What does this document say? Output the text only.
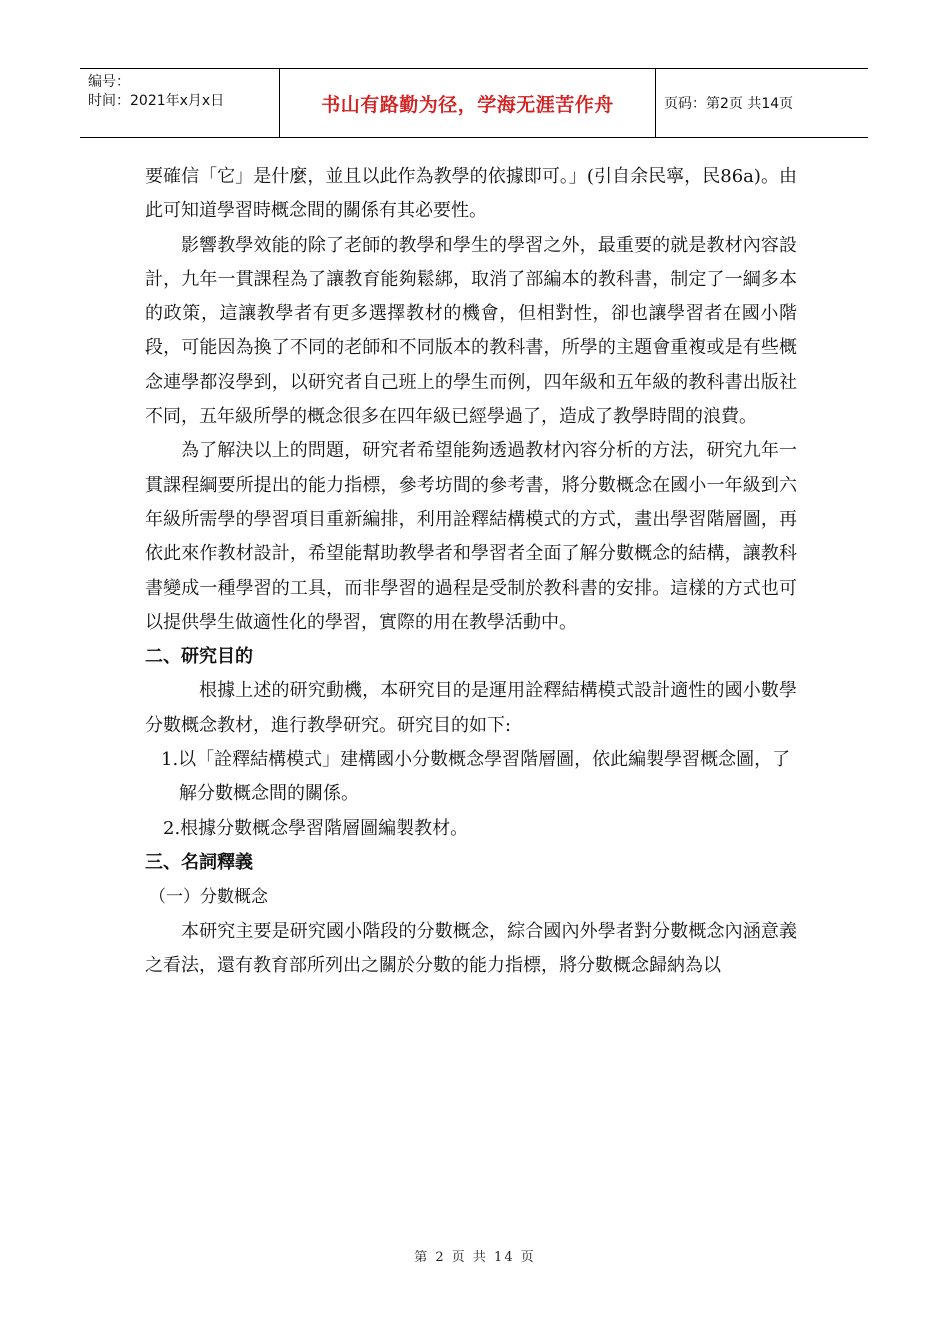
编号：
时间：2021年x月x日	书山有路勤为径，学海无涯苦作舟	页码：第2页 共14页

要確信「它」是什麼，並且以此作為教學的依據即可。」(引自余民寧，民86a)。由此可知道學習時概念間的關係有其必要性。

影響教學效能的除了老師的教學和學生的學習之外，最重要的就是教材內容設計，九年一貫課程為了讓教育能夠鬆綁，取消了部編本的教科書，制定了一綱多本的政策，這讓教學者有更多選擇教材的機會，但相對性，卻也讓學習者在國小階段，可能因為換了不同的老師和不同版本的教科書，所學的主題會重複或是有些概念連學都沒學到，以研究者自己班上的學生而例，四年級和五年級的教科書出版社不同，五年級所學的概念很多在四年級已經學過了，造成了教學時間的浪費。

為了解決以上的問題，研究者希望能夠透過教材內容分析的方法，研究九年一貫課程綱要所提出的能力指標，參考坊間的參考書，將分數概念在國小一年級到六年級所需學的學習項目重新編排，利用詮釋結構模式的方式，畫出學習階層圖，再依此來作教材設計，希望能幫助教學者和學習者全面了解分數概念的結構，讓教科書變成一種學習的工具，而非學習的過程是受制於教科書的安排。這樣的方式也可以提供學生做適性化的學習，實際的用在教學活動中。

二、研究目的

根據上述的研究動機，本研究目的是運用詮釋結構模式設計適性的國小數學分數概念教材，進行教學研究。研究目的如下:

1.以「詮釋結構模式」建構國小分數概念學習階層圖，依此編製學習概念圖，了解分數概念間的關係。

2.根據分數概念學習階層圖編製教材。

三、名詞釋義

（一）分數概念

本研究主要是研究國小階段的分數概念，綜合國內外學者對分數概念內涵意義之看法，還有教育部所列出之關於分數的能力指標，將分數概念歸納為以

第 2 页 共 14 页
